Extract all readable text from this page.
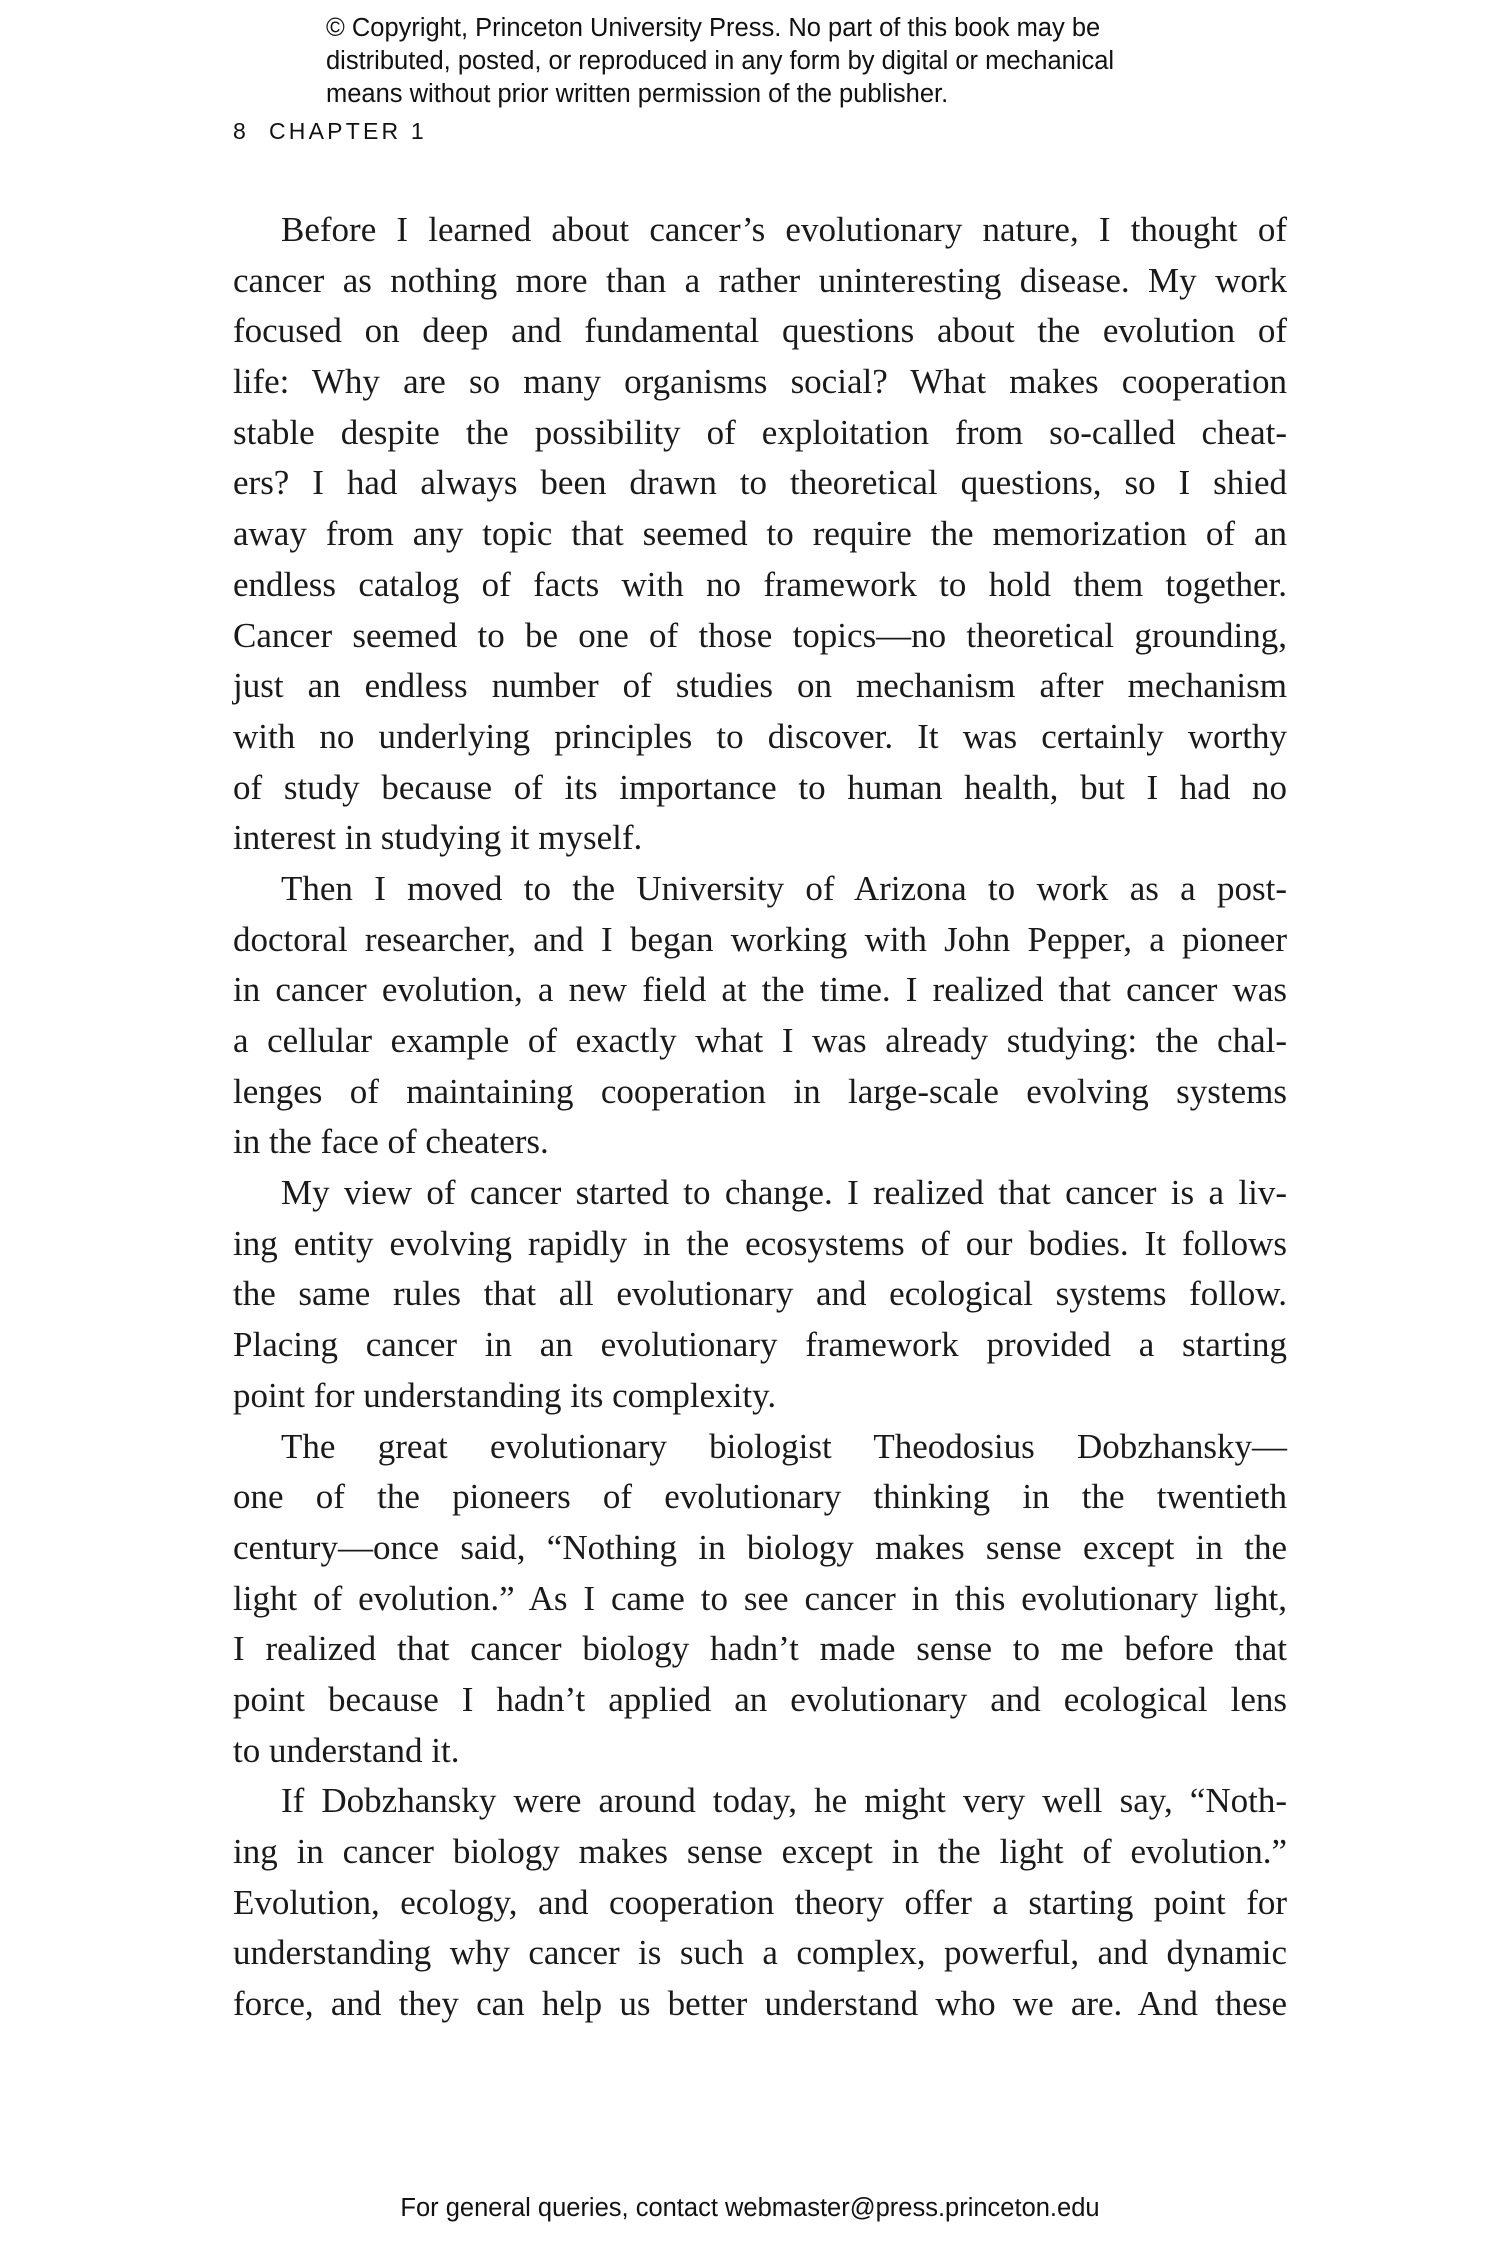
© Copyright, Princeton University Press. No part of this book may be
distributed, posted, or reproduced in any form by digital or mechanical
means without prior written permission of the publisher.
8 CHAPTER 1
Before I learned about cancer’s evolutionary nature, I thought of
cancer as nothing more than a rather uninteresting disease. My work
focused on deep and fundamental questions about the evolution of
life: Why are so many organisms social? What makes cooperation
stable despite the possibility of exploitation from so-called cheat-
ers? I had always been drawn to theoretical questions, so I shied
away from any topic that seemed to require the memorization of an
endless catalog of facts with no framework to hold them together.
Cancer seemed to be one of those topics—no theoretical grounding,
just an endless number of studies on mechanism after mechanism
with no underlying principles to discover. It was certainly worthy
of study because of its importance to human health, but I had no
interest in studying it myself.
Then I moved to the University of Arizona to work as a post-
doctoral researcher, and I began working with John Pepper, a pioneer
in cancer evolution, a new field at the time. I realized that cancer was
a cellular example of exactly what I was already studying: the chal-
lenges of maintaining cooperation in large-scale evolving systems
in the face of cheaters.
My view of cancer started to change. I realized that cancer is a liv-
ing entity evolving rapidly in the ecosystems of our bodies. It follows
the same rules that all evolutionary and ecological systems follow.
Placing cancer in an evolutionary framework provided a starting
point for understanding its complexity.
The great evolutionary biologist Theodosius Dobzhansky—
one of the pioneers of evolutionary thinking in the twentieth
century—once said, “Nothing in biology makes sense except in the
light of evolution.” As I came to see cancer in this evolutionary light,
I realized that cancer biology hadn’t made sense to me before that
point because I hadn’t applied an evolutionary and ecological lens
to understand it.
If Dobzhansky were around today, he might very well say, “Noth-
ing in cancer biology makes sense except in the light of evolution.”
Evolution, ecology, and cooperation theory offer a starting point for
understanding why cancer is such a complex, powerful, and dynamic
force, and they can help us better understand who we are. And these
For general queries, contact webmaster@press.princeton.edu
